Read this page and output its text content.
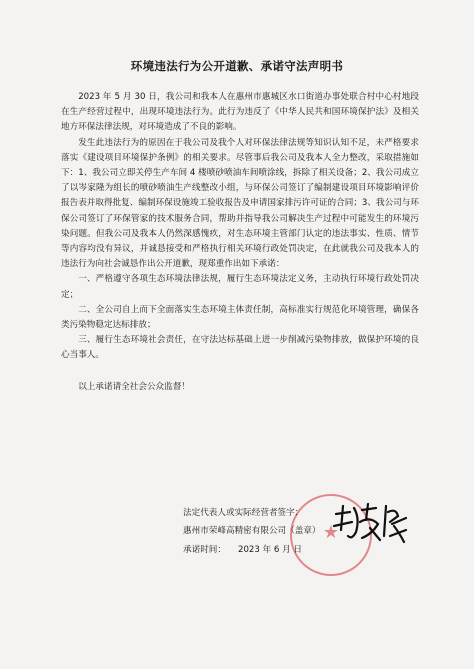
环境违法行为公开道歉、承诺守法声明书

2023 年 5 月 30 日，我公司和我本人在惠州市惠城区水口街道办事处联合村中心村地段在生产经营过程中，出现环境违法行为。此行为违反了《中华人民共和国环境保护法》及相关地方环保法律法规，对环境造成了不良的影响。

发生此违法行为的原因在于我公司及我个人对环保法律法规等知识认知不足，未严格要求落实《建设项目环境保护条例》的相关要求。尽管事后我公司及我本人全力整改，采取措施如下：1、我公司立即关停生产车间 4 楼喷砂喷油车间喷涂线，拆除了相关设备；2、我公司成立了以岑家隆为组长的喷砂喷油生产线整改小组，与环保公司签订了编制建设项目环境影响评价报告表并取得批复、编制环保设施竣工验收报告及申请国家排污许可证的合同；3、我公司与环保公司签订了环保管家的技术服务合同，帮助并指导我公司解决生产过程中可能发生的环境污染问题。但我公司及我本人仍然深感愧疚，对生态环境主管部门认定的违法事实、性质、情节等内容均没有异议，并诚恳接受和严格执行相关环境行政处罚决定，在此就我公司及我本人的违法行为向社会诚恳作出公开道歉，现郑重作出如下承诺：

一、严格遵守各项生态环境法律法规，履行生态环境法定义务，主动执行环境行政处罚决定；

二、全公司自上而下全面落实生态环境主体责任制，高标准实行规范化环境管理，确保各类污染物稳定达标排放；

三、履行生态环境社会责任，在守法达标基础上进一步削减污染物排放，做保护环境的良心当事人。

以上承诺请全社会公众监督！

★
法定代表人或实际经营者签字：
惠州市荣峰高精密有限公司（盖章）
承诺时间： 2023 年 6 月 日
